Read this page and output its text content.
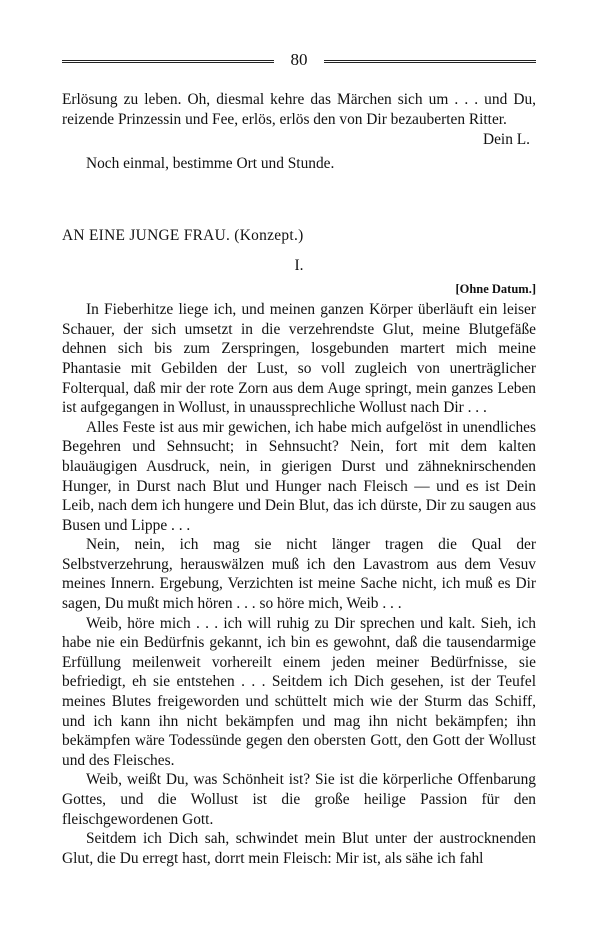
80

Erlösung zu leben. Oh, diesmal kehre das Märchen sich um . . . und Du, reizende Prinzessin und Fee, erlös, erlös den von Dir bezauberten Ritter.

Dein L.

Noch einmal, bestimme Ort und Stunde.

AN EINE JUNGE FRAU. (Konzept.)

I.

[Ohne Datum.]

In Fieberhitze liege ich, und meinen ganzen Körper überläuft ein leiser Schauer, der sich umsetzt in die verzehrendste Glut, meine Blutgefäße dehnen sich bis zum Zerspringen, losgebunden martert mich meine Phantasie mit Gebilden der Lust, so voll zugleich von unerträglicher Folterqual, daß mir der rote Zorn aus dem Auge springt, mein ganzes Leben ist aufgegangen in Wollust, in unaussprechliche Wollust nach Dir . . .

Alles Feste ist aus mir gewichen, ich habe mich aufgelöst in unendliches Begehren und Sehnsucht; in Sehnsucht? Nein, fort mit dem kalten blauäugigen Ausdruck, nein, in gierigen Durst und zähneknirschenden Hunger, in Durst nach Blut und Hunger nach Fleisch — und es ist Dein Leib, nach dem ich hungere und Dein Blut, das ich dürste, Dir zu saugen aus Busen und Lippe . . .

Nein, nein, ich mag sie nicht länger tragen die Qual der Selbstverzehrung, herauswälzen muß ich den Lavastrom aus dem Vesuv meines Innern. Ergebung, Verzichten ist meine Sache nicht, ich muß es Dir sagen, Du mußt mich hören . . . so höre mich, Weib . . .

Weib, höre mich . . . ich will ruhig zu Dir sprechen und kalt. Sieh, ich habe nie ein Bedürfnis gekannt, ich bin es gewohnt, daß die tausendarmige Erfüllung meilenweit vorhereilt einem jeden meiner Bedürfnisse, sie befriedigt, eh sie entstehen . . . Seitdem ich Dich gesehen, ist der Teufel meines Blutes freigeworden und schüttelt mich wie der Sturm das Schiff, und ich kann ihn nicht bekämpfen und mag ihn nicht bekämpfen; ihn bekämpfen wäre Todessünde gegen den obersten Gott, den Gott der Wollust und des Fleisches.

Weib, weißt Du, was Schönheit ist? Sie ist die körperliche Offenbarung Gottes, und die Wollust ist die große heilige Passion für den fleischgewordenen Gott.

Seitdem ich Dich sah, schwindet mein Blut unter der austrocknenden Glut, die Du erregt hast, dorrt mein Fleisch: Mir ist, als sähe ich fahl
